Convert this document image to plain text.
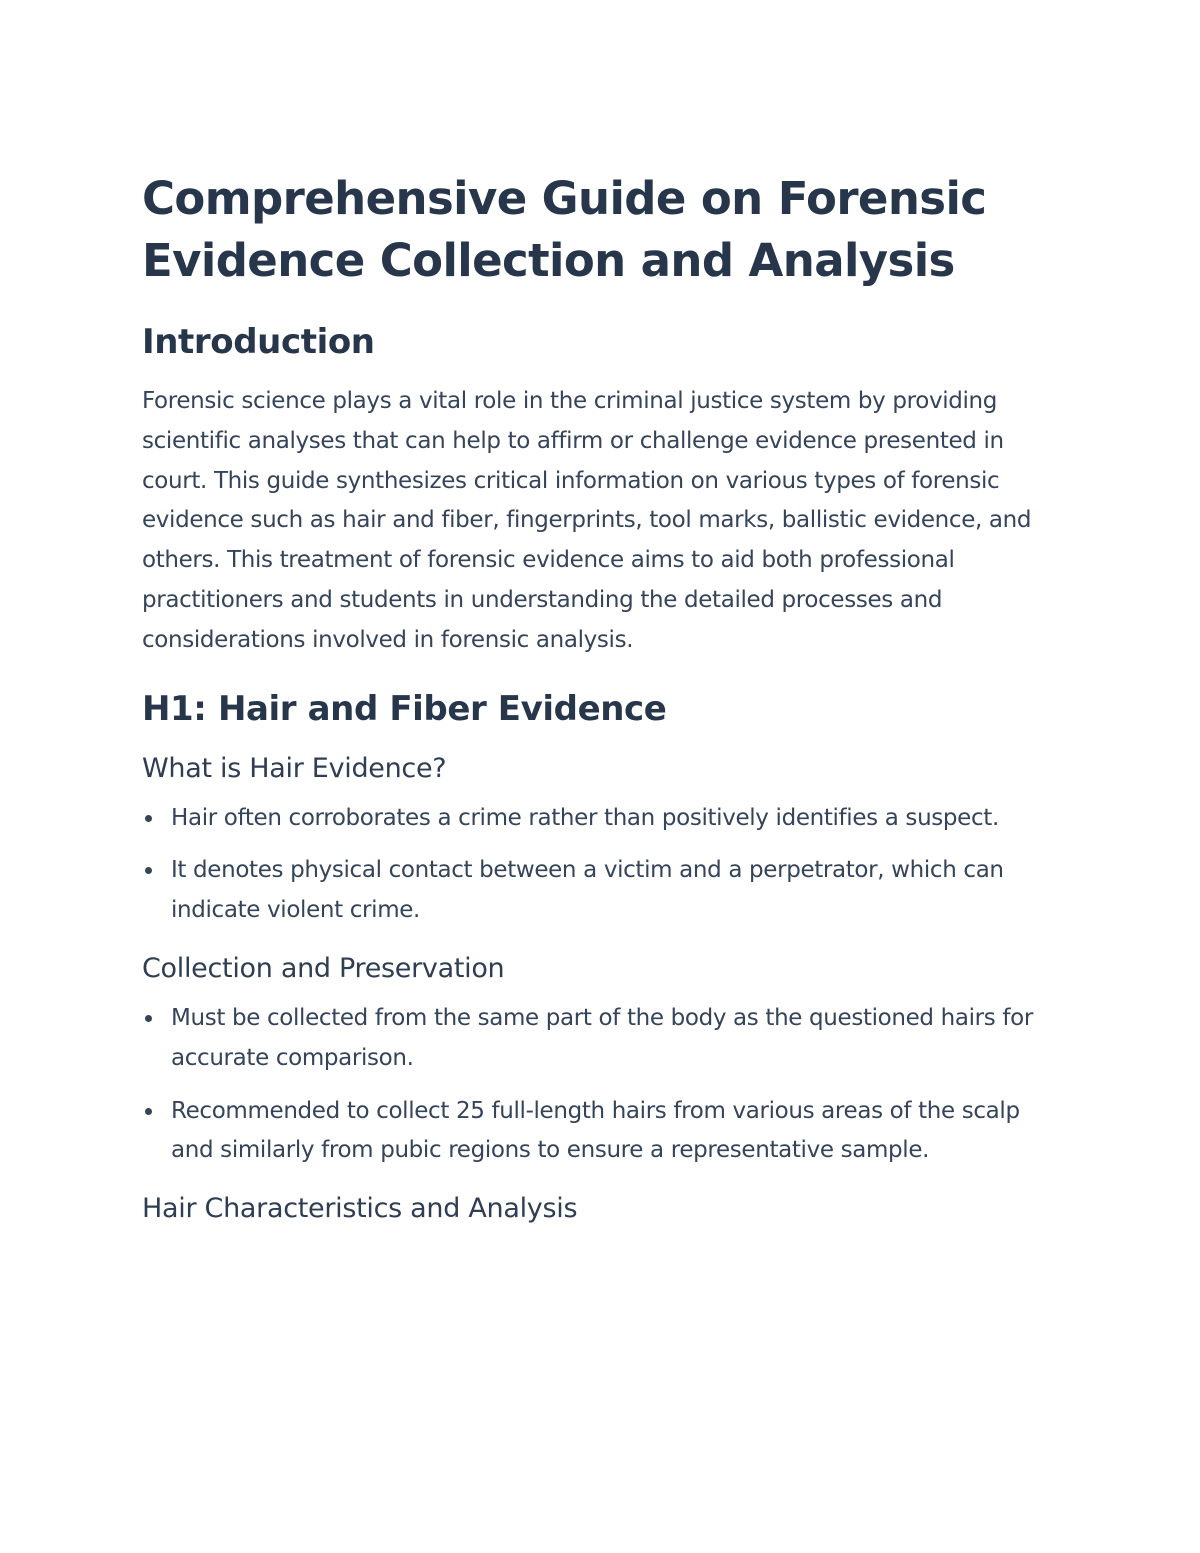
Comprehensive Guide on Forensic Evidence Collection and Analysis
Introduction

Forensic science plays a vital role in the criminal justice system by providing scientific analyses that can help to affirm or challenge evidence presented in court. This guide synthesizes critical information on various types of forensic evidence such as hair and fiber, fingerprints, tool marks, ballistic evidence, and others. This treatment of forensic evidence aims to aid both professional practitioners and students in understanding the detailed processes and considerations involved in forensic analysis.

H1: Hair and Fiber Evidence
What is Hair Evidence?
Hair often corroborates a crime rather than positively identifies a suspect.
It denotes physical contact between a victim and a perpetrator, which can indicate violent crime.
Collection and Preservation
Must be collected from the same part of the body as the questioned hairs for accurate comparison.
Recommended to collect 25 full-length hairs from various areas of the scalp and similarly from pubic regions to ensure a representative sample.
Hair Characteristics and Analysis
